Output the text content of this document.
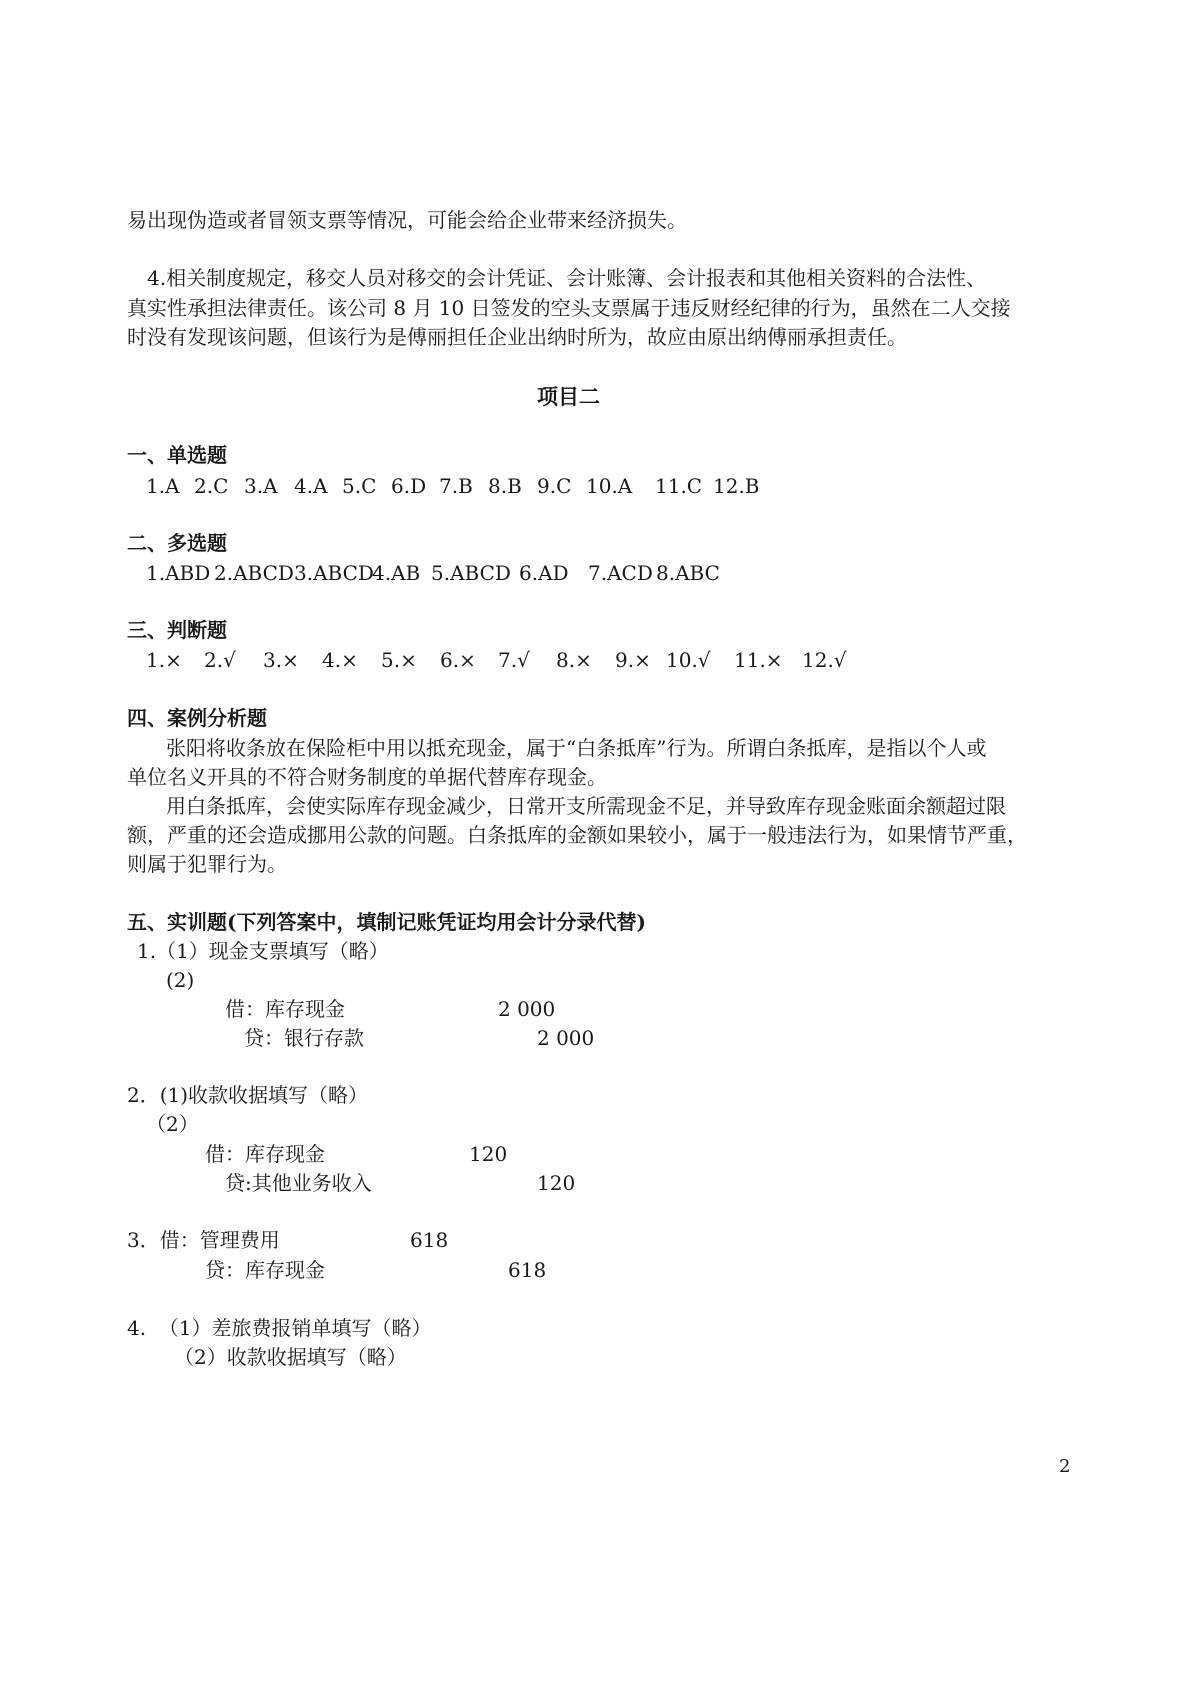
易出现伪造或者冒领支票等情况，可能会给企业带来经济损失。
4.相关制度规定，移交人员对移交的会计凭证、会计账簿、会计报表和其他相关资料的合法性、
真实性承担法律责任。该公司 8 月 10 日签发的空头支票属于违反财经纪律的行为，虽然在二人交接
时没有发现该问题，但该行为是傅丽担任企业出纳时所为，故应由原出纳傅丽承担责任。
项目二
一、单选题
1.A 2.C 3.A 4.A 5.C 6.D 7.B 8.B 9.C 10.A 11.C 12.B
二、多选题
1.ABD 2.ABCD 3.ABCD
4.AB 5.ABCD 6.AD 7.ACD 8.ABC
三、判断题
1.× 2.√ 3.× 4.× 5.× 6.× 7.√ 8.× 9.× 10.√ 11.× 12.√
四、案例分析题
张阳将收条放在保险柜中用以抵充现金，属于“白条抵库”行为。所谓白条抵库，是指以个人或
单位名义开具的不符合财务制度的单据代替库存现金。
用白条抵库，会使实际库存现金减少，日常开支所需现金不足，并导致库存现金账面余额超过限
额，严重的还会造成挪用公款的问题。白条抵库的金额如果较小，属于一般违法行为，如果情节严重，
则属于犯罪行为。
五、实训题(下列答案中，填制记账凭证均用会计分录代替)
1.（1）现金支票填写（略）
(2)
借：库存现金	2 000
贷：银行存款	2 000
2．(1)收款收据填写（略）
（2）
借：库存现金	120
贷:其他业务收入	120
3．借：管理费用	618
贷：库存现金	618
4.  （1）差旅费报销单填写（略）
（2）收款收据填写（略）
2
